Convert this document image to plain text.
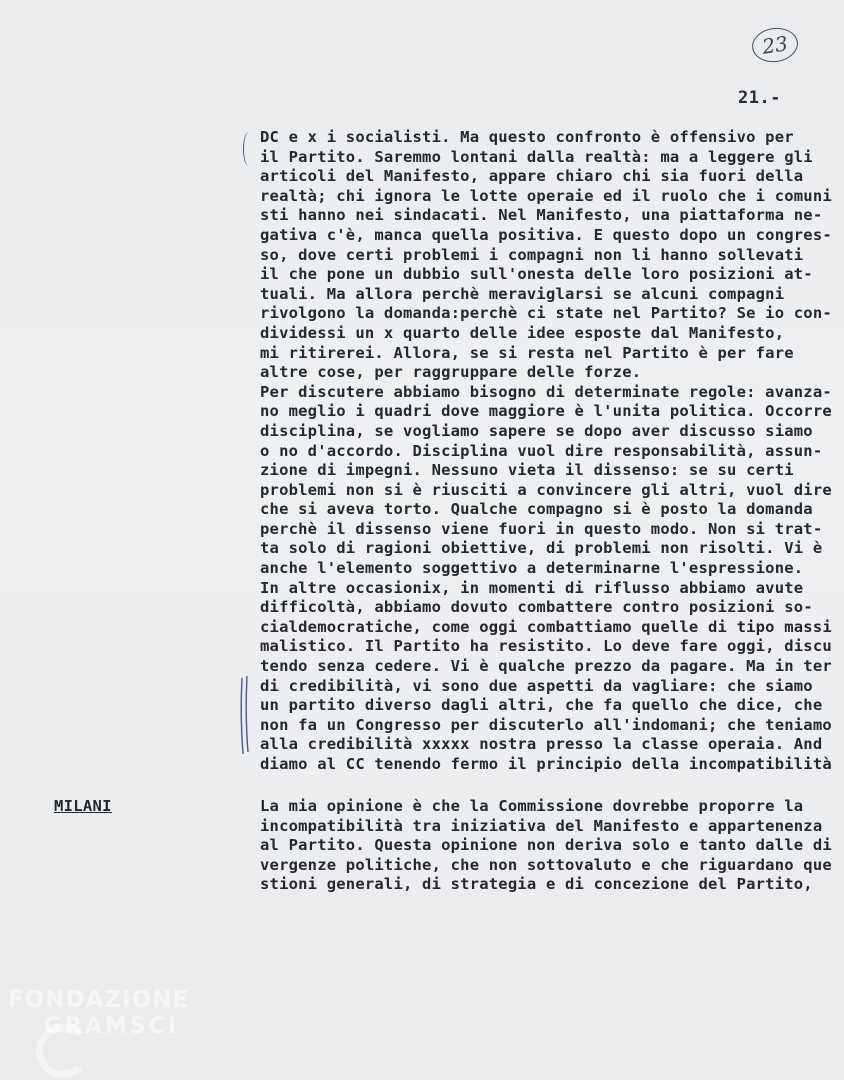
23
21.-
DC e x i socialisti. Ma questo confronto è offensivo per
il Partito. Saremmo lontani dalla realtà: ma a leggere gli
articoli del Manifesto, appare chiaro chi sia fuori della
realtà; chi ignora le lotte operaie ed il ruolo che i comuni
sti hanno nei sindacati. Nel Manifesto, una piattaforma ne-
gativa c'è, manca quella positiva. E questo dopo un congres-
so, dove certi problemi i compagni non li hanno sollevati
il che pone un dubbio sull'onesta delle loro posizioni at-
tuali. Ma allora perchè meraviglarsi se alcuni compagni
rivolgono la domanda:perchè ci state nel Partito? Se io con-
dividessi un x quarto delle idee esposte dal Manifesto,
mi ritirerei. Allora, se si resta nel Partito è per fare
altre cose, per raggruppare delle forze.
Per discutere abbiamo bisogno di determinate regole: avanza-
no meglio i quadri dove maggiore è l'unita politica. Occorre
disciplina, se vogliamo sapere se dopo aver discusso siamo
o no d'accordo. Disciplina vuol dire responsabilità, assun-
zione di impegni. Nessuno vieta il dissenso: se su certi
problemi non si è riusciti a convincere gli altri, vuol dire
che si aveva torto. Qualche compagno si è posto la domanda
perchè il dissenso viene fuori in questo modo. Non si trat-
ta solo di ragioni obiettive, di problemi non risolti. Vi è
anche l'elemento soggettivo a determinarne l'espressione.
In altre occasionix, in momenti di riflusso abbiamo avute
difficoltà, abbiamo dovuto combattere contro posizioni so-
cialdemocratiche, come oggi combattiamo quelle di tipo massi
malistico. Il Partito ha resistito. Lo deve fare oggi, discu
tendo senza cedere. Vi è qualche prezzo da pagare. Ma in ter
di credibilità, vi sono due aspetti da vagliare: che siamo
un partito diverso dagli altri, che fa quello che dice, che
non fa un Congresso per discuterlo all'indomani; che teniamo
alla credibilità xxxxx nostra presso la classe operaia. And
diamo al CC tenendo fermo il principio della incompatibilità
MILANI	La mia opinione è che la Commissione dovrebbe proporre la
incompatibilità tra iniziativa del Manifesto e appartenenza
al Partito. Questa opinione non deriva solo e tanto dalle di
vergenze politiche, che non sottovaluto e che riguardano que
stioni generali, di strategia e di concezione del Partito,
FONDAZIONE
GRAMSCI
